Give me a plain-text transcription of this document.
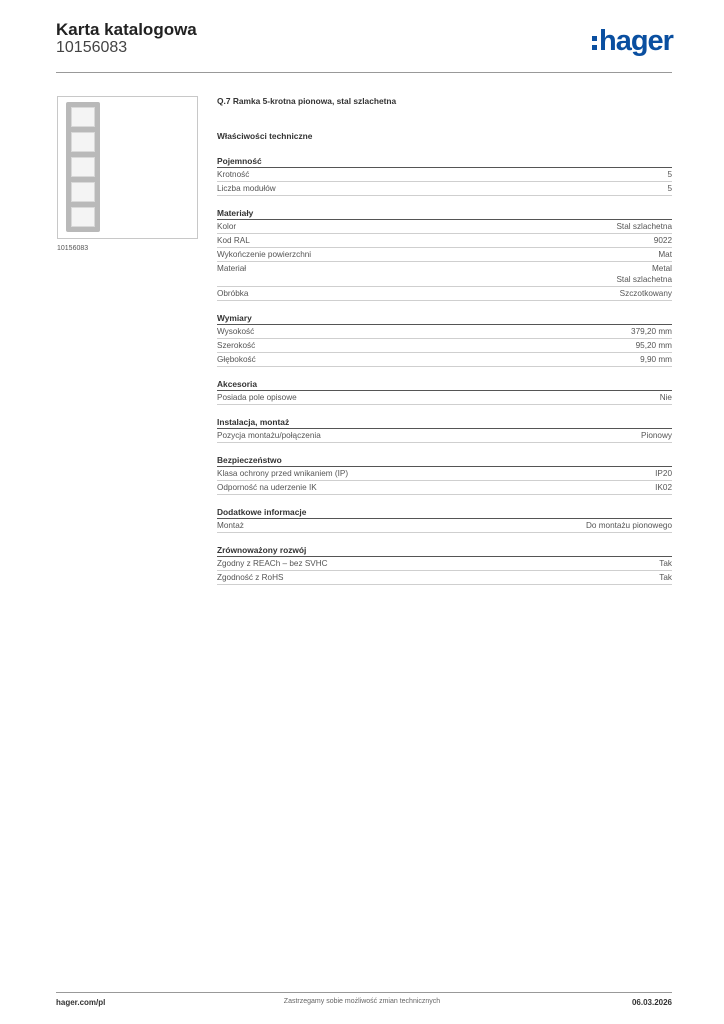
Karta katalogowa
10156083	hager
10156083
Q.7 Ramka 5-krotna pionowa, stal szlachetna
Właściwości techniczne
Pojemność
Krotność	5
Liczba modułów	5
Materiały
Kolor	Stal szlachetna
Kod RAL	9022
Wykończenie powierzchni	Mat
Materiał	Metal
Stal szlachetna
Obróbka	Szczotkowany
Wymiary
Wysokość	379,20 mm
Szerokość	95,20 mm
Głębokość	9,90 mm
Akcesoria
Posiada pole opisowe	Nie
Instalacja, montaż
Pozycja montażu/połączenia	Pionowy
Bezpieczeństwo
Klasa ochrony przed wnikaniem (IP)	IP20
Odporność na uderzenie IK	IK02
Dodatkowe informacje
Montaż	Do montażu pionowego
Zrównoważony rozwój
Zgodny z REACh – bez SVHC	Tak
Zgodność z RoHS	Tak
hager.com/pl	Zastrzegamy sobie możliwość zmian technicznych	06.03.2026
